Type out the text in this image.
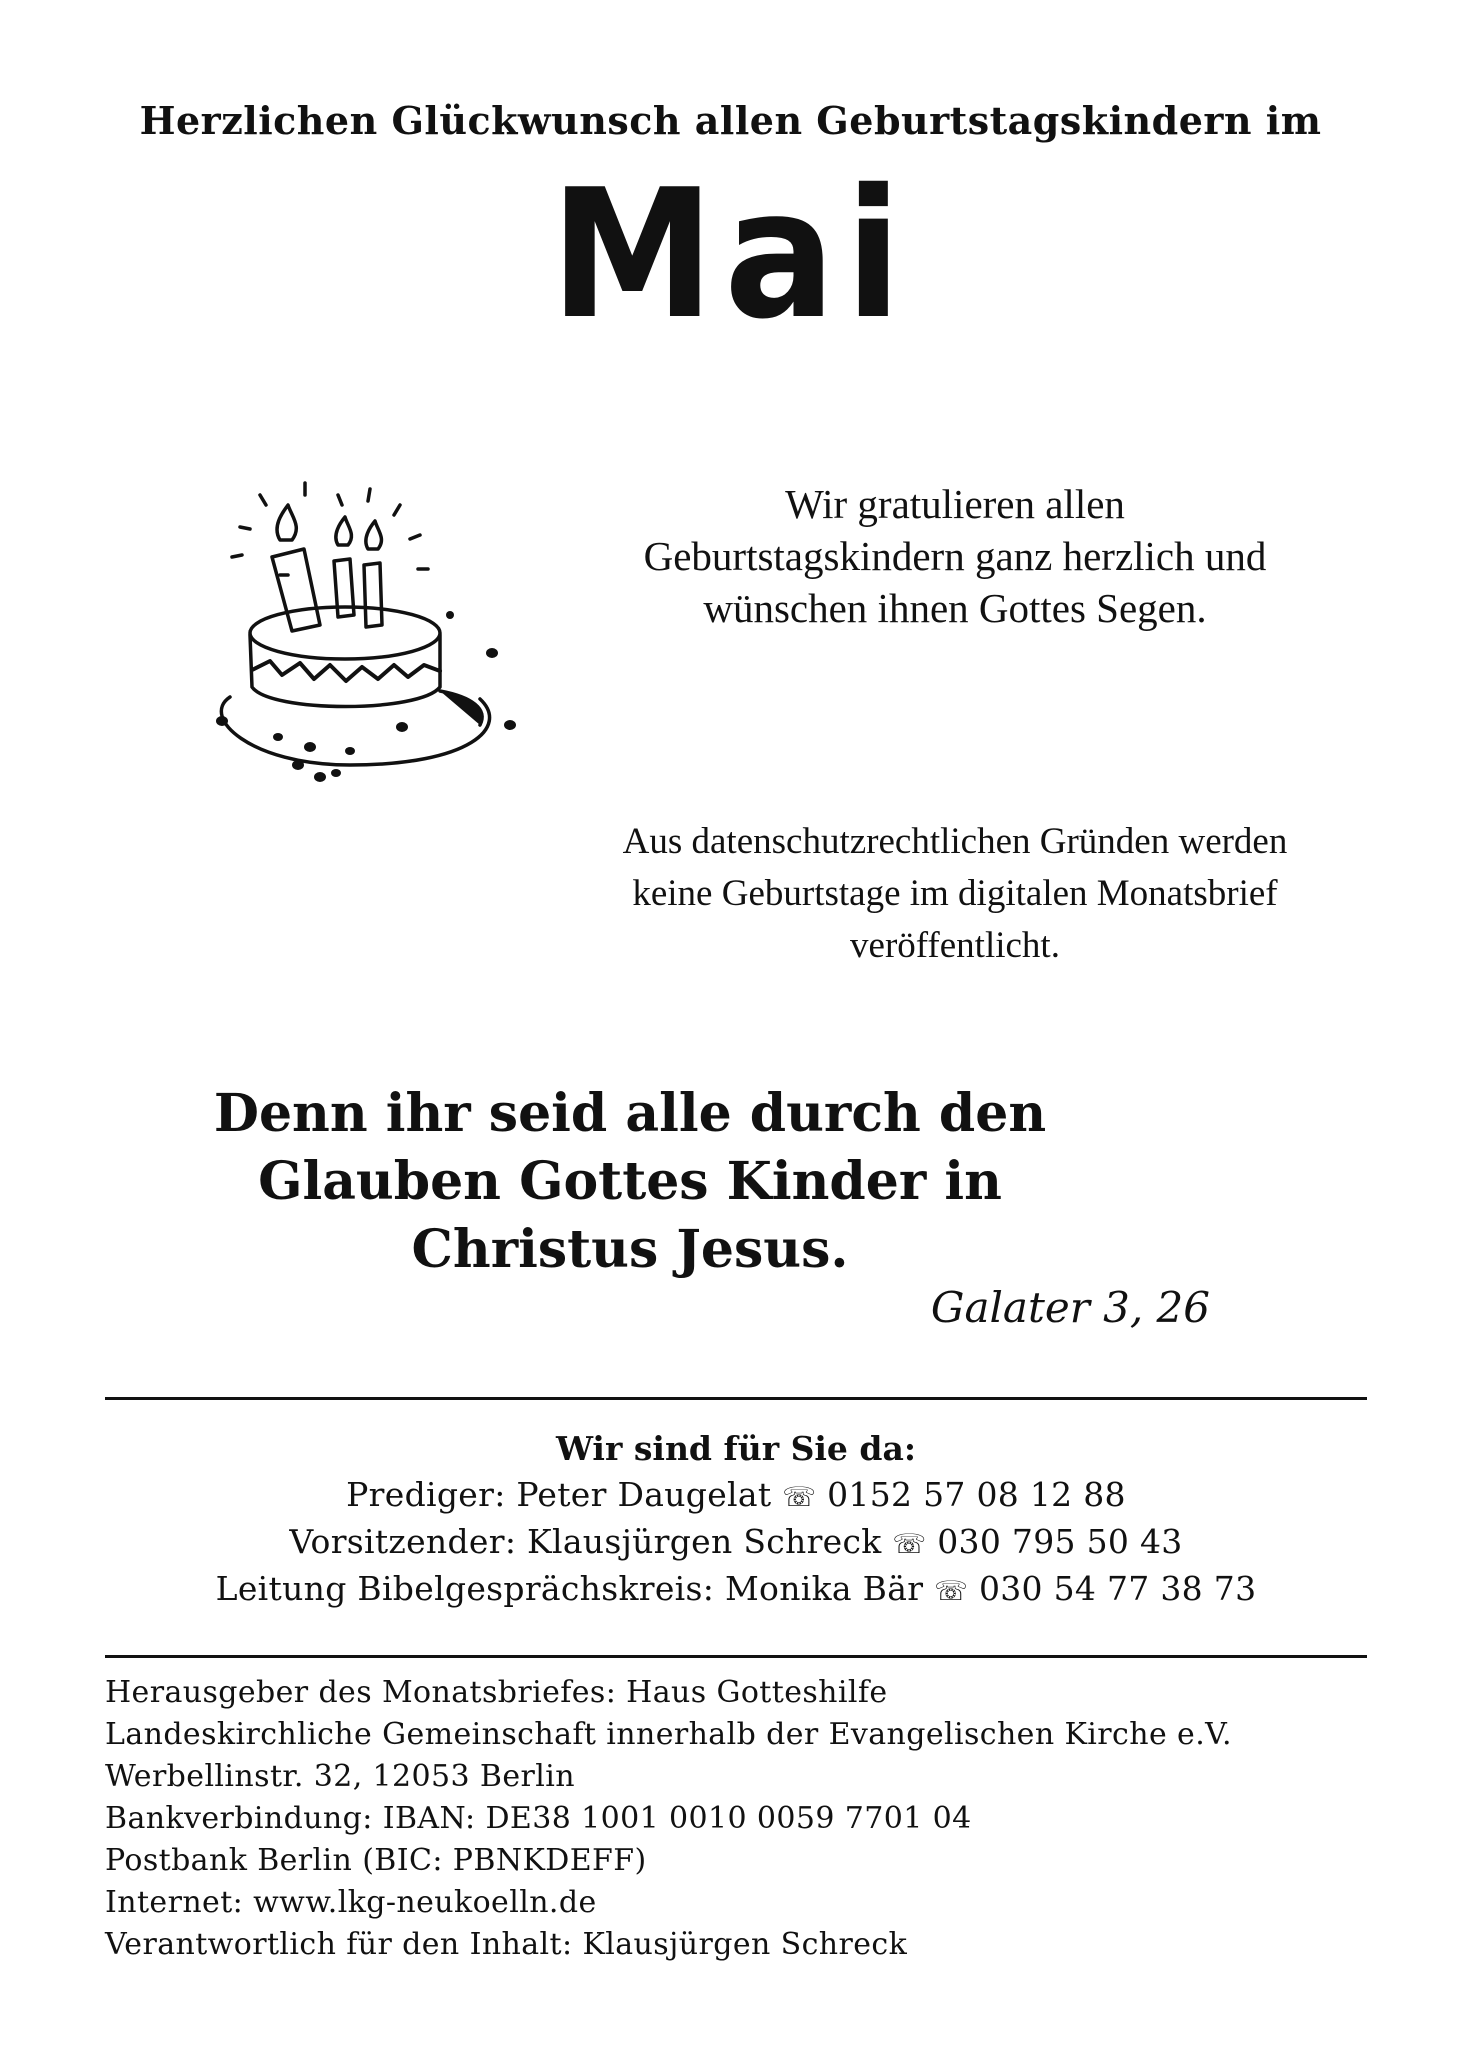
Herzlichen Glückwunsch allen Geburtstagskindern im
Mai
Wir gratulieren allen
Geburtstagskindern ganz herzlich und
wünschen ihnen Gottes Segen.
Aus datenschutzrechtlichen Gründen werden
keine Geburtstage im digitalen Monatsbrief
veröffentlicht.
Denn ihr seid alle durch den
Glauben Gottes Kinder in
Christus Jesus.
Galater 3, 26
Wir sind für Sie da:
Prediger: Peter Daugelat ☏ 0152 57 08 12 88
Vorsitzender: Klausjürgen Schreck ☏ 030 795 50 43
Leitung Bibelgesprächskreis: Monika Bär ☏ 030 54 77 38 73
Herausgeber des Monatsbriefes: Haus Gotteshilfe
Landeskirchliche Gemeinschaft innerhalb der Evangelischen Kirche e.V.
Werbellinstr. 32, 12053 Berlin
Bankverbindung: IBAN: DE38 1001 0010 0059 7701 04
Postbank Berlin (BIC: PBNKDEFF)
Internet: www.lkg-neukoelln.de
Verantwortlich für den Inhalt: Klausjürgen Schreck
